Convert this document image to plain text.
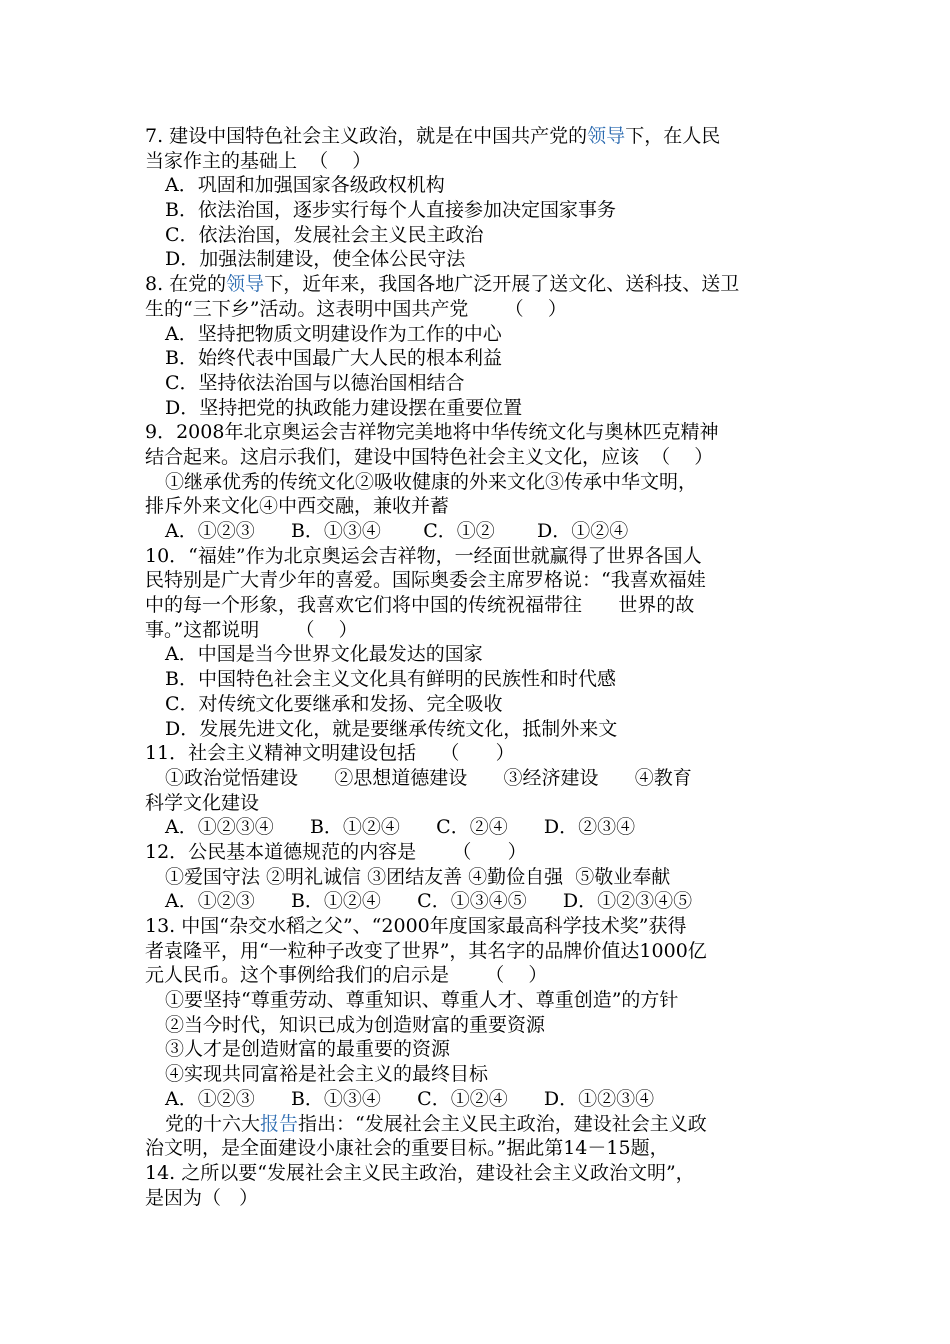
7. 建设中国特色社会主义政治，就是在中国共产党的领导下，在人民
当家作主的基础上  （    ）
A．巩固和加强国家各级政权机构
B．依法治国，逐步实行每个人直接参加决定国家事务
C．依法治国，发展社会主义民主政治
D．加强法制建设，使全体公民守法
8. 在党的领导下，近年来，我国各地广泛开展了送文化、送科技、送卫
生的“三下乡”活动。这表明中国共产党      （    ）
A．坚持把物质文明建设作为工作的中心
B．始终代表中国最广大人民的根本利益
C．坚持依法治国与以德治国相结合
D．坚持把党的执政能力建设摆在重要位置
9．2008年北京奥运会吉祥物完美地将中华传统文化与奥林匹克精神
结合起来。这启示我们，建设中国特色社会主义文化，应该  （    ）
①继承优秀的传统文化②吸收健康的外来文化③传承中华文明，
排斥外来文化④中西交融，兼收并蓄
A．①②③      B．①③④       C．①②       D．①②④
10．“福娃”作为北京奥运会吉祥物，一经面世就赢得了世界各国人
民特别是广大青少年的喜爱。国际奥委会主席罗格说：“我喜欢福娃
中的每一个形象，我喜欢它们将中国的传统祝福带往      世界的故
事。”这都说明      （    ）
A．中国是当今世界文化最发达的国家
B．中国特色社会主义文化具有鲜明的民族性和时代感
C．对传统文化要继承和发扬、完全吸收
D．发展先进文化，就是要继承传统文化，抵制外来文
11．社会主义精神文明建设包括    （      ）
①政治觉悟建设      ②思想道德建设      ③经济建设      ④教育
科学文化建设
A．①②③④      B．①②④      C．②④      D．②③④
12．公民基本道德规范的内容是      （      ）
①爱国守法 ②明礼诚信 ③团结友善 ④勤俭自强  ⑤敬业奉献
A．①②③      B．①②④      C．①③④⑤      D．①②③④⑤
13. 中国“杂交水稻之父”、“2000年度国家最高科学技术奖”获得
者袁隆平，用“一粒种子改变了世界”，其名字的品牌价值达1000亿
元人民币。这个事例给我们的启示是      （    ）
①要坚持“尊重劳动、尊重知识、尊重人才、尊重创造”的方针
②当今时代，知识已成为创造财富的重要资源
③人才是创造财富的最重要的资源
④实现共同富裕是社会主义的最终目标
A．①②③      B．①③④      C．①②④      D．①②③④
党的十六大报告指出：“发展社会主义民主政治，建设社会主义政
治文明，是全面建设小康社会的重要目标。”据此第14－15题，
14. 之所以要“发展社会主义民主政治，建设社会主义政治文明”，
是因为（   ）
